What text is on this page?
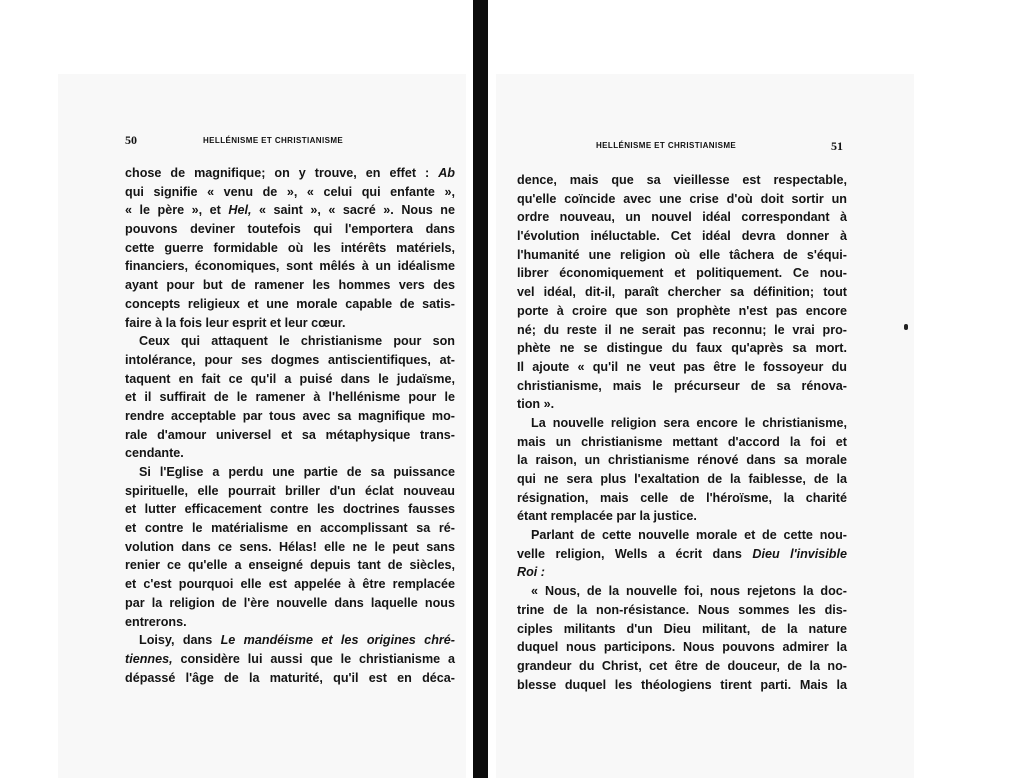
50	HELLÉNISME ET CHRISTIANISME
chose de magnifique; on y trouve, en effet : Ab
qui signifie « venu de », « celui qui enfante »,
« le père », et Hel, « saint », « sacré ». Nous ne
pouvons deviner toutefois qui l'emportera dans
cette guerre formidable où les intérêts matériels,
financiers, économiques, sont mêlés à un idéalisme
ayant pour but de ramener les hommes vers des
concepts religieux et une morale capable de satis-
faire à la fois leur esprit et leur cœur.
Ceux qui attaquent le christianisme pour son
intolérance, pour ses dogmes antiscientifiques, at-
taquent en fait ce qu'il a puisé dans le judaïsme,
et il suffirait de le ramener à l'hellénisme pour le
rendre acceptable par tous avec sa magnifique mo-
rale d'amour universel et sa métaphysique trans-
cendante.
Si l'Eglise a perdu une partie de sa puissance
spirituelle, elle pourrait briller d'un éclat nouveau
et lutter efficacement contre les doctrines fausses
et contre le matérialisme en accomplissant sa ré-
volution dans ce sens. Hélas! elle ne le peut sans
renier ce qu'elle a enseigné depuis tant de siècles,
et c'est pourquoi elle est appelée à être remplacée
par la religion de l'ère nouvelle dans laquelle nous
entrerons.
Loisy, dans Le mandéisme et les origines chré-
tiennes, considère lui aussi que le christianisme a
dépassé l'âge de la maturité, qu'il est en déca-
HELLÉNISME ET CHRISTIANISME	51
dence, mais que sa vieillesse est respectable,
qu'elle coïncide avec une crise d'où doit sortir un
ordre nouveau, un nouvel idéal correspondant à
l'évolution inéluctable. Cet idéal devra donner à
l'humanité une religion où elle tâchera de s'équi-
librer économiquement et politiquement. Ce nou-
vel idéal, dit-il, paraît chercher sa définition; tout
porte à croire que son prophète n'est pas encore
né; du reste il ne serait pas reconnu; le vrai pro-
phète ne se distingue du faux qu'après sa mort.
Il ajoute « qu'il ne veut pas être le fossoyeur du
christianisme, mais le précurseur de sa rénova-
tion ».
La nouvelle religion sera encore le christianisme,
mais un christianisme mettant d'accord la foi et
la raison, un christianisme rénové dans sa morale
qui ne sera plus l'exaltation de la faiblesse, de la
résignation, mais celle de l'héroïsme, la charité
étant remplacée par la justice.
Parlant de cette nouvelle morale et de cette nou-
velle religion, Wells a écrit dans Dieu l'invisible
Roi :
« Nous, de la nouvelle foi, nous rejetons la doc-
trine de la non-résistance. Nous sommes les dis-
ciples militants d'un Dieu militant, de la nature
duquel nous participons. Nous pouvons admirer la
grandeur du Christ, cet être de douceur, de la no-
blesse duquel les théologiens tirent parti. Mais la
